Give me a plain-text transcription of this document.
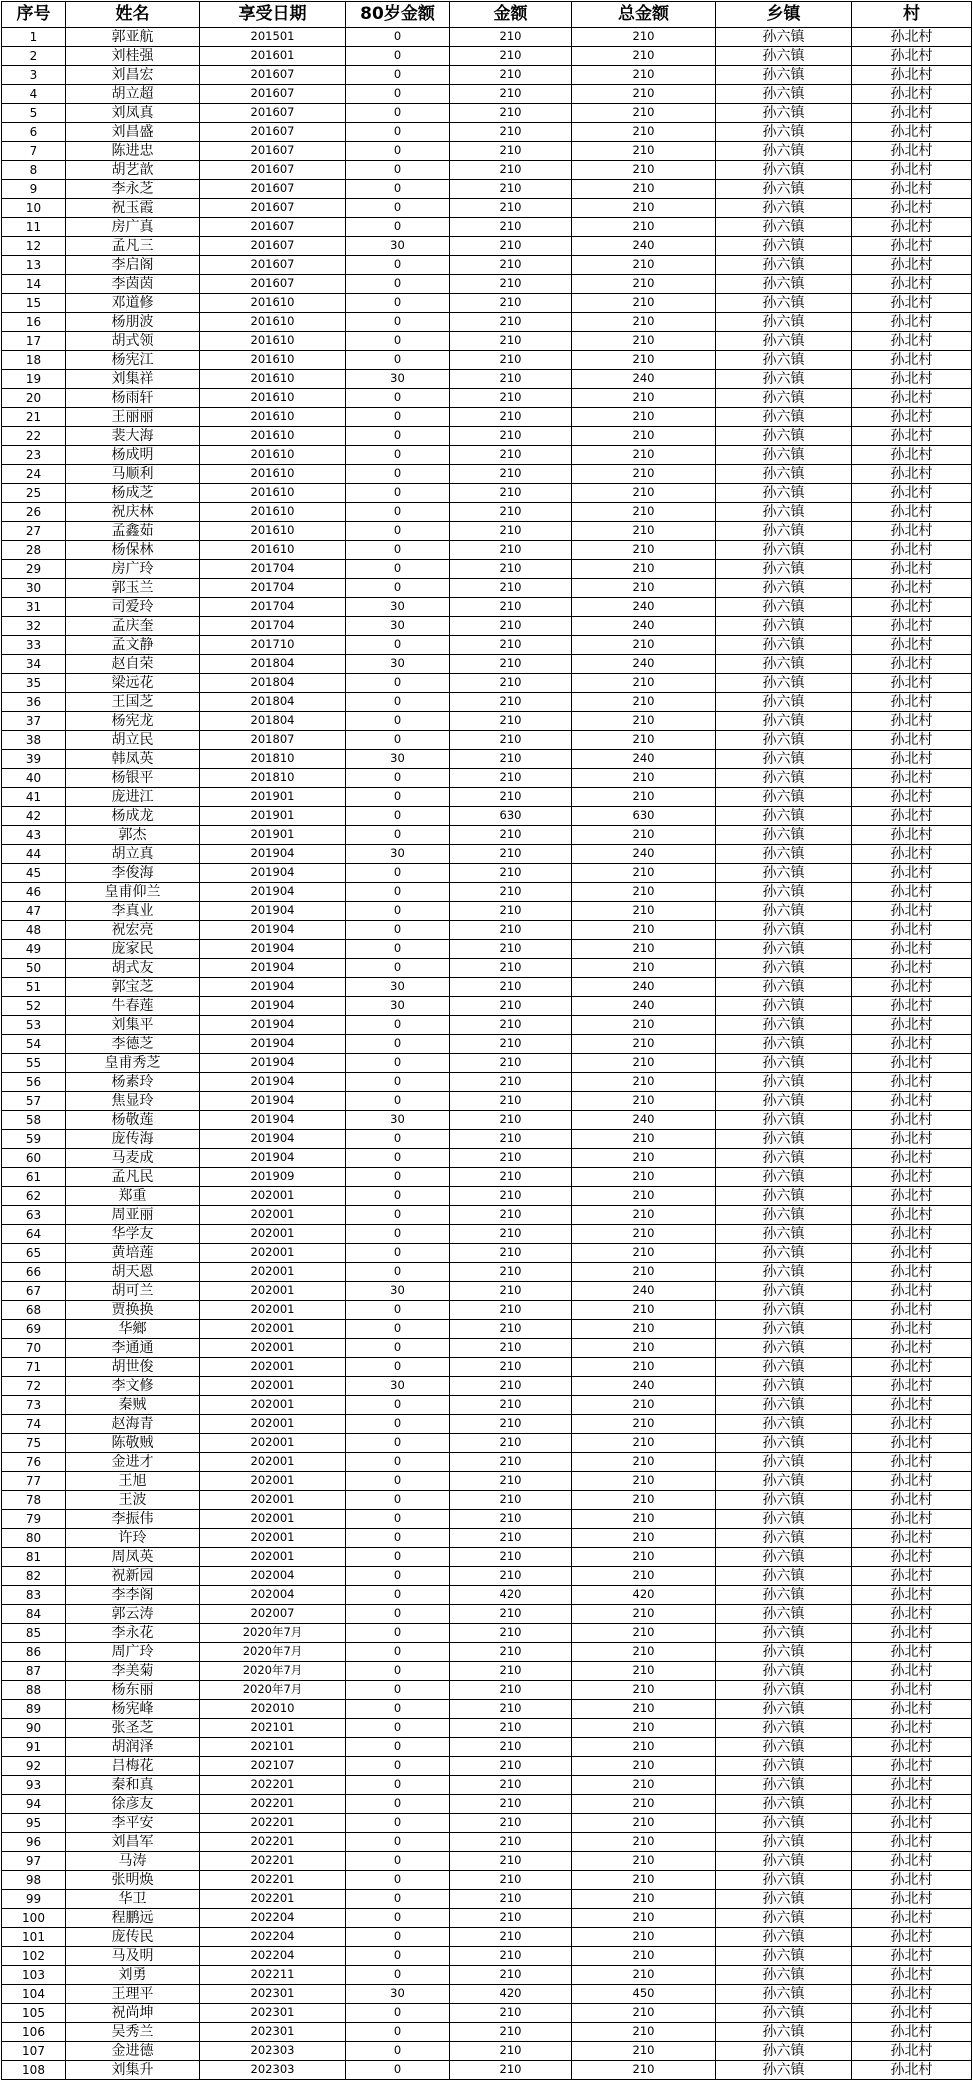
序号	姓名	享受日期	80岁金额	金额	总金额	乡镇	村
1	郭亚航	201501	0	210	210	孙六镇	孙北村
2	刘桂强	201601	0	210	210	孙六镇	孙北村
3	刘昌宏	201607	0	210	210	孙六镇	孙北村
4	胡立超	201607	0	210	210	孙六镇	孙北村
5	刘凤真	201607	0	210	210	孙六镇	孙北村
6	刘昌盛	201607	0	210	210	孙六镇	孙北村
7	陈进忠	201607	0	210	210	孙六镇	孙北村
8	胡艺歆	201607	0	210	210	孙六镇	孙北村
9	李永芝	201607	0	210	210	孙六镇	孙北村
10	祝玉霞	201607	0	210	210	孙六镇	孙北村
11	房广真	201607	0	210	210	孙六镇	孙北村
12	孟凡三	201607	30	210	240	孙六镇	孙北村
13	李启阁	201607	0	210	210	孙六镇	孙北村
14	李茵茵	201607	0	210	210	孙六镇	孙北村
15	邓道修	201610	0	210	210	孙六镇	孙北村
16	杨朋波	201610	0	210	210	孙六镇	孙北村
17	胡式领	201610	0	210	210	孙六镇	孙北村
18	杨宪江	201610	0	210	210	孙六镇	孙北村
19	刘集祥	201610	30	210	240	孙六镇	孙北村
20	杨雨轩	201610	0	210	210	孙六镇	孙北村
21	王丽丽	201610	0	210	210	孙六镇	孙北村
22	裴大海	201610	0	210	210	孙六镇	孙北村
23	杨成明	201610	0	210	210	孙六镇	孙北村
24	马顺利	201610	0	210	210	孙六镇	孙北村
25	杨成芝	201610	0	210	210	孙六镇	孙北村
26	祝庆林	201610	0	210	210	孙六镇	孙北村
27	孟鑫茹	201610	0	210	210	孙六镇	孙北村
28	杨保林	201610	0	210	210	孙六镇	孙北村
29	房广玲	201704	0	210	210	孙六镇	孙北村
30	郭玉兰	201704	0	210	210	孙六镇	孙北村
31	司爱玲	201704	30	210	240	孙六镇	孙北村
32	孟庆奎	201704	30	210	240	孙六镇	孙北村
33	孟文静	201710	0	210	210	孙六镇	孙北村
34	赵自荣	201804	30	210	240	孙六镇	孙北村
35	梁远花	201804	0	210	210	孙六镇	孙北村
36	王国芝	201804	0	210	210	孙六镇	孙北村
37	杨宪龙	201804	0	210	210	孙六镇	孙北村
38	胡立民	201807	0	210	210	孙六镇	孙北村
39	韩凤英	201810	30	210	240	孙六镇	孙北村
40	杨银平	201810	0	210	210	孙六镇	孙北村
41	庞进江	201901	0	210	210	孙六镇	孙北村
42	杨成龙	201901	0	630	630	孙六镇	孙北村
43	郭杰	201901	0	210	210	孙六镇	孙北村
44	胡立真	201904	30	210	240	孙六镇	孙北村
45	李俊海	201904	0	210	210	孙六镇	孙北村
46	皇甫仰兰	201904	0	210	210	孙六镇	孙北村
47	李真业	201904	0	210	210	孙六镇	孙北村
48	祝宏亮	201904	0	210	210	孙六镇	孙北村
49	庞家民	201904	0	210	210	孙六镇	孙北村
50	胡式友	201904	0	210	210	孙六镇	孙北村
51	郭宝芝	201904	30	210	240	孙六镇	孙北村
52	牛春莲	201904	30	210	240	孙六镇	孙北村
53	刘集平	201904	0	210	210	孙六镇	孙北村
54	李德芝	201904	0	210	210	孙六镇	孙北村
55	皇甫秀芝	201904	0	210	210	孙六镇	孙北村
56	杨素玲	201904	0	210	210	孙六镇	孙北村
57	焦显玲	201904	0	210	210	孙六镇	孙北村
58	杨敬莲	201904	30	210	240	孙六镇	孙北村
59	庞传海	201904	0	210	210	孙六镇	孙北村
60	马麦成	201904	0	210	210	孙六镇	孙北村
61	孟凡民	201909	0	210	210	孙六镇	孙北村
62	郑重	202001	0	210	210	孙六镇	孙北村
63	周亚丽	202001	0	210	210	孙六镇	孙北村
64	华学友	202001	0	210	210	孙六镇	孙北村
65	黄培莲	202001	0	210	210	孙六镇	孙北村
66	胡天恩	202001	0	210	210	孙六镇	孙北村
67	胡可兰	202001	30	210	240	孙六镇	孙北村
68	贾换换	202001	0	210	210	孙六镇	孙北村
69	华鄉	202001	0	210	210	孙六镇	孙北村
70	李通通	202001	0	210	210	孙六镇	孙北村
71	胡世俊	202001	0	210	210	孙六镇	孙北村
72	李文修	202001	30	210	240	孙六镇	孙北村
73	秦贼	202001	0	210	210	孙六镇	孙北村
74	赵海青	202001	0	210	210	孙六镇	孙北村
75	陈敬贼	202001	0	210	210	孙六镇	孙北村
76	金进才	202001	0	210	210	孙六镇	孙北村
77	王旭	202001	0	210	210	孙六镇	孙北村
78	王波	202001	0	210	210	孙六镇	孙北村
79	李振伟	202001	0	210	210	孙六镇	孙北村
80	许玲	202001	0	210	210	孙六镇	孙北村
81	周凤英	202001	0	210	210	孙六镇	孙北村
82	祝新园	202004	0	210	210	孙六镇	孙北村
83	李李阁	202004	0	420	420	孙六镇	孙北村
84	郭云涛	202007	0	210	210	孙六镇	孙北村
85	李永花	2020年7月	0	210	210	孙六镇	孙北村
86	周广玲	2020年7月	0	210	210	孙六镇	孙北村
87	李美菊	2020年7月	0	210	210	孙六镇	孙北村
88	杨东丽	2020年7月	0	210	210	孙六镇	孙北村
89	杨宪峰	202010	0	210	210	孙六镇	孙北村
90	张圣芝	202101	0	210	210	孙六镇	孙北村
91	胡润泽	202101	0	210	210	孙六镇	孙北村
92	吕梅花	202107	0	210	210	孙六镇	孙北村
93	秦和真	202201	0	210	210	孙六镇	孙北村
94	徐彦友	202201	0	210	210	孙六镇	孙北村
95	李平安	202201	0	210	210	孙六镇	孙北村
96	刘昌军	202201	0	210	210	孙六镇	孙北村
97	马涛	202201	0	210	210	孙六镇	孙北村
98	张明焕	202201	0	210	210	孙六镇	孙北村
99	华卫	202201	0	210	210	孙六镇	孙北村
100	程鹏远	202204	0	210	210	孙六镇	孙北村
101	庞传民	202204	0	210	210	孙六镇	孙北村
102	马及明	202204	0	210	210	孙六镇	孙北村
103	刘勇	202211	0	210	210	孙六镇	孙北村
104	王理平	202301	30	420	450	孙六镇	孙北村
105	祝尚坤	202301	0	210	210	孙六镇	孙北村
106	吴秀兰	202301	0	210	210	孙六镇	孙北村
107	金进德	202303	0	210	210	孙六镇	孙北村
108	刘集升	202303	0	210	210	孙六镇	孙北村
